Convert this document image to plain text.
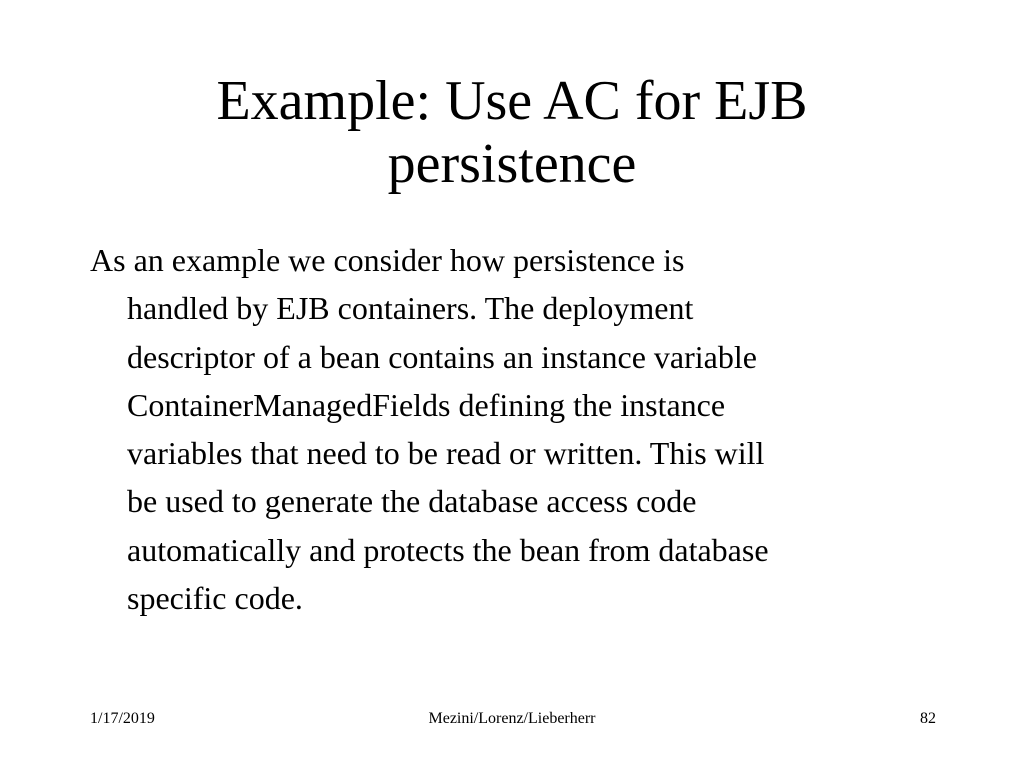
Example: Use AC for EJB
persistence

As an example we consider how persistence is
handled by EJB containers. The deployment
descriptor of a bean contains an instance variable
ContainerManagedFields defining the instance
variables that need to be read or written. This will
be used to generate the database access code
automatically and protects the bean from database
specific code.

1/17/2019	Mezini/Lorenz/Lieberherr	82
